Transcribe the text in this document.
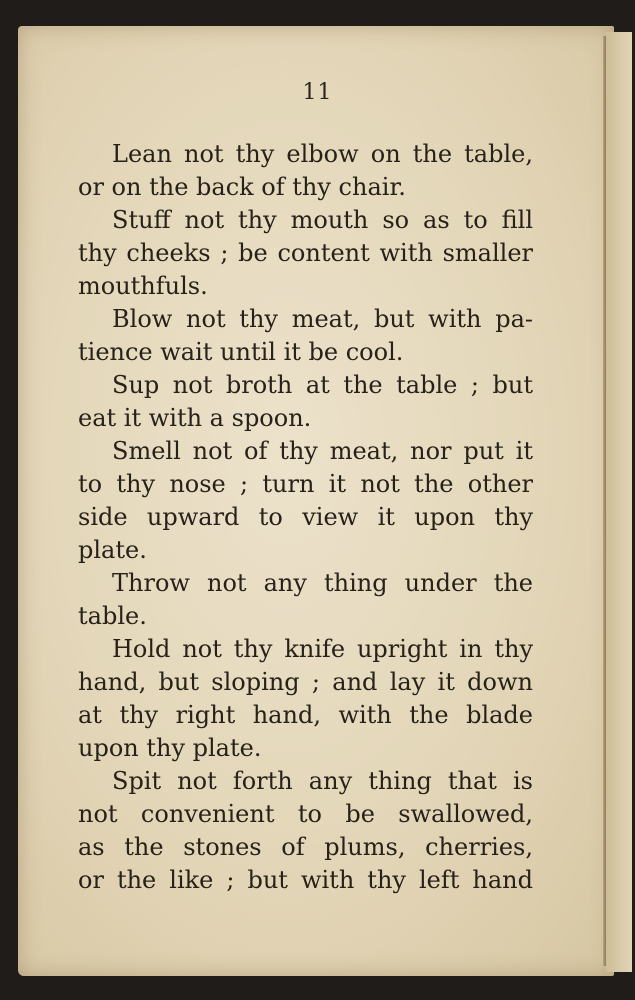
11
Lean not thy elbow on the table,
or on the back of thy chair.
Stuff not thy mouth so as to fill
thy cheeks ; be content with smaller
mouthfuls.
Blow not thy meat, but with pa-
tience wait until it be cool.
Sup not broth at the table ; but
eat it with a spoon.
Smell not of thy meat, nor put it
to thy nose ; turn it not the other
side upward to view it upon thy
plate.
Throw not any thing under the
table.
Hold not thy knife upright in thy
hand, but sloping ; and lay it down
at thy right hand, with the blade
upon thy plate.
Spit not forth any thing that is
not convenient to be swallowed,
as the stones of plums, cherries,
or the like ; but with thy left hand
